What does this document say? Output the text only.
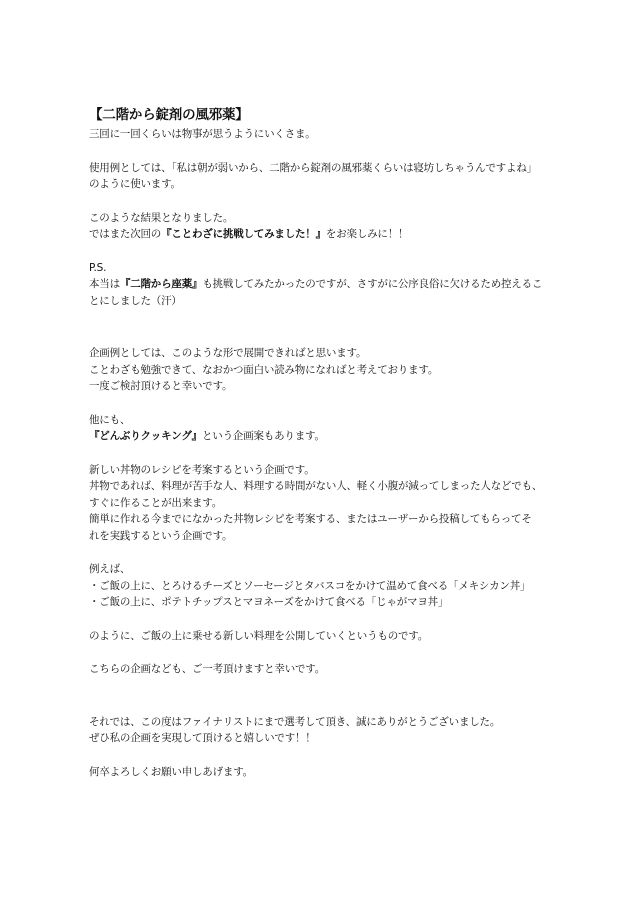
【二階から錠剤の風邪薬】
三回に一回くらいは物事が思うようにいくさま。
使用例としては、「私は朝が弱いから、二階から錠剤の風邪薬くらいは寝坊しちゃうんですよね」
のように使います。
このような結果となりました。
ではまた次回の『ことわざに挑戦してみました！』をお楽しみに！！
P.S.
本当は『二階から座薬』も挑戦してみたかったのですが、さすがに公序良俗に欠けるため控えるこ
とにしました（汗）
企画例としては、このような形で展開できればと思います。
ことわざも勉強できて、なおかつ面白い読み物になればと考えております。
一度ご検討頂けると幸いです。
他にも、
『どんぶりクッキング』という企画案もあります。
新しい丼物のレシピを考案するという企画です。
丼物であれば、料理が苦手な人、料理する時間がない人、軽く小腹が減ってしまった人などでも、
すぐに作ることが出来ます。
簡単に作れる今までになかった丼物レシピを考案する、またはユーザーから投稿してもらってそ
れを実践するという企画です。
例えば、
・ご飯の上に、とろけるチーズとソーセージとタバスコをかけて温めて食べる「メキシカン丼」
・ご飯の上に、ポテトチップスとマヨネーズをかけて食べる「じゃがマヨ丼」
のように、ご飯の上に乗せる新しい料理を公開していくというものです。
こちらの企画なども、ご一考頂けますと幸いです。
それでは、この度はファイナリストにまで選考して頂き、誠にありがとうございました。
ぜひ私の企画を実現して頂けると嬉しいです！！
何卒よろしくお願い申しあげます。
